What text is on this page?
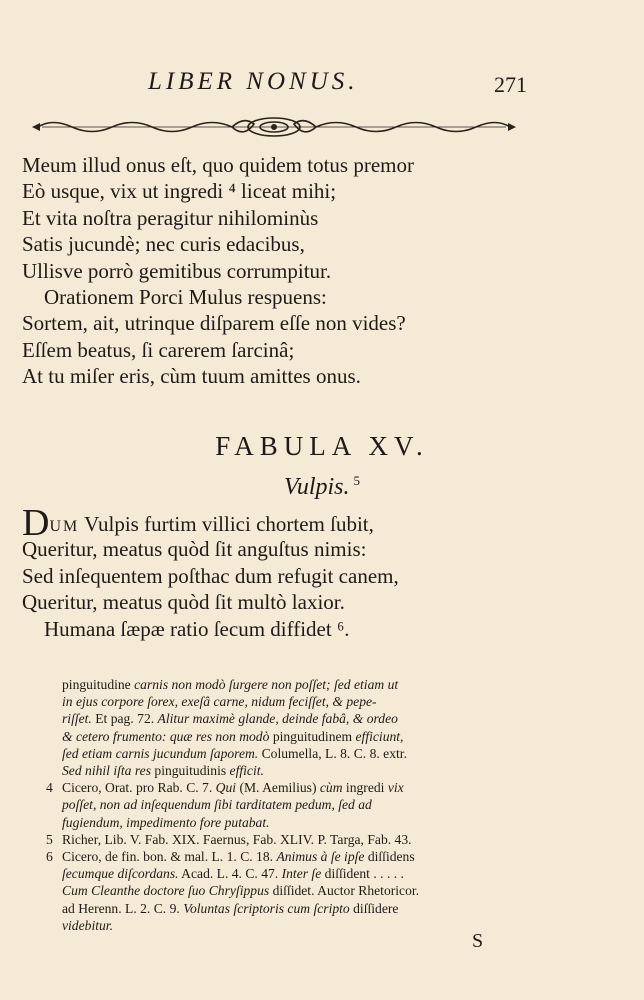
LIBER NONUS.	271
Meum illud onus eſt, quo quidem totus premor
Eò usque, vix ut ingredi ⁴ liceat mihi;
Et vita noſtra peragitur nihilominùs
Satis jucundè; nec curis edacibus,
Ullisve porrò gemitibus corrumpitur.
Orationem Porci Mulus respuens:
Sortem, ait, utrinque diſparem eſſe non vides?
Eſſem beatus, ſi carerem ſarcinâ;
At tu miſer eris, cùm tuum amittes onus.
FABULA XV.
Vulpis. $^5$
DUM Vulpis furtim villici chortem ſubit,
Queritur, meatus quòd ſit anguſtus nimis:
Sed inſequentem poſthac dum refugit canem,
Queritur, meatus quòd ſit multò laxior.
Humana ſæpæ ratio ſecum diffidet ⁶.
pinguitudine carnis non modò ſurgere non poſſet; ſed etiam ut
in ejus corpore ſorex, exeſâ carne, nidum feciſſet, & pepe-
riſſet. Et pag. 72. Alitur maximè glande, deinde fabâ, & ordeo
& cetero frumento: quæ res non modò pinguitudinem efficiunt,
ſed etiam carnis jucundum ſaporem. Columella, L. 8. C. 8. extr.
Sed nihil iſta res pinguitudinis efficit.
4 Cicero, Orat. pro Rab. C. 7. Qui (M. Aemilius) cùm ingredi vix
poſſet, non ad inſequendum ſibi tarditatem pedum, ſed ad
fugiendum, impedimento fore putabat.
5 Richer, Lib. V. Fab. XIX. Faernus, Fab. XLIV. P. Targa, Fab. 43.
6 Cicero, de fin. bon. & mal. L. 1. C. 18. Animus à ſe ipſe diſſidens
ſecumque diſcordans. Acad. L. 4. C. 47. Inter ſe diſſident . . . . .
Cum Cleanthe doctore ſuo Chryſippus diſſidet. Auctor Rhetoricor.
ad Herenn. L. 2. C. 9. Voluntas ſcriptoris cum ſcripto diſſidere
videbitur.
S
